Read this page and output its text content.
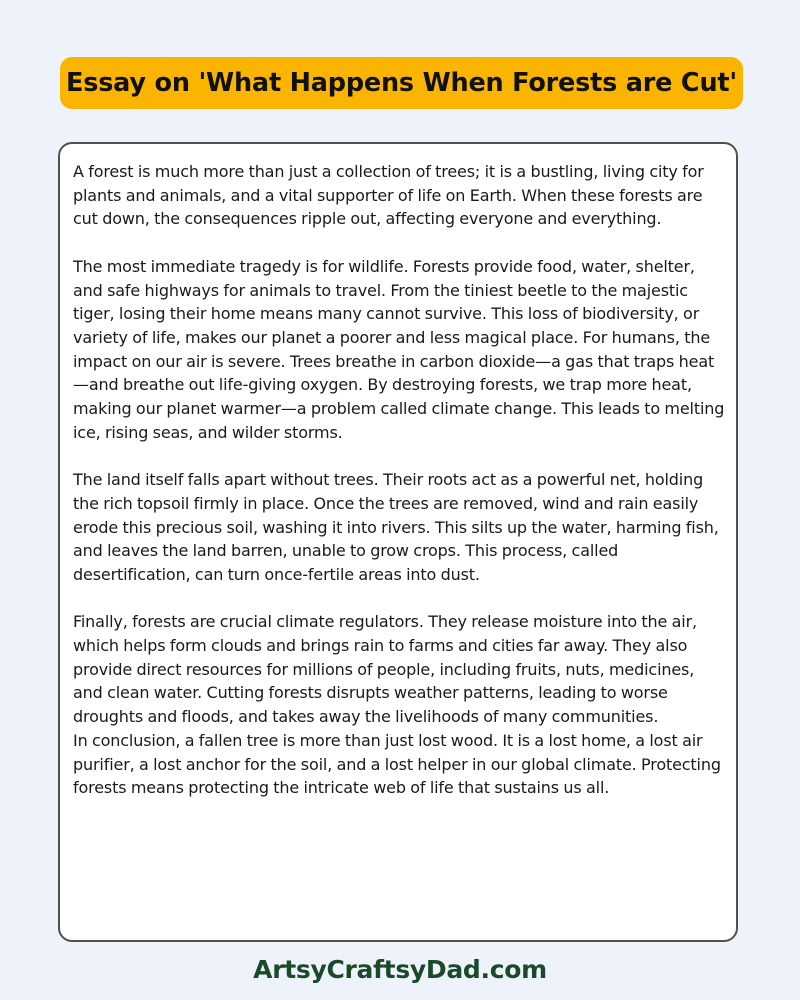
Essay on 'What Happens When Forests are Cut'

A forest is much more than just a collection of trees; it is a bustling, living city for plants and animals, and a vital supporter of life on Earth. When these forests are cut down, the consequences ripple out, affecting everyone and everything.

The most immediate tragedy is for wildlife. Forests provide food, water, shelter, and safe highways for animals to travel. From the tiniest beetle to the majestic tiger, losing their home means many cannot survive. This loss of biodiversity, or variety of life, makes our planet a poorer and less magical place. For humans, the impact on our air is severe. Trees breathe in carbon dioxide—a gas that traps heat—and breathe out life-giving oxygen. By destroying forests, we trap more heat, making our planet warmer—a problem called climate change. This leads to melting ice, rising seas, and wilder storms.

The land itself falls apart without trees. Their roots act as a powerful net, holding the rich topsoil firmly in place. Once the trees are removed, wind and rain easily erode this precious soil, washing it into rivers. This silts up the water, harming fish, and leaves the land barren, unable to grow crops. This process, called desertification, can turn once-fertile areas into dust.

Finally, forests are crucial climate regulators. They release moisture into the air, which helps form clouds and brings rain to farms and cities far away. They also provide direct resources for millions of people, including fruits, nuts, medicines, and clean water. Cutting forests disrupts weather patterns, leading to worse droughts and floods, and takes away the livelihoods of many communities.

In conclusion, a fallen tree is more than just lost wood. It is a lost home, a lost air purifier, a lost anchor for the soil, and a lost helper in our global climate. Protecting forests means protecting the intricate web of life that sustains us all.

ArtsyCraftsyDad.com
